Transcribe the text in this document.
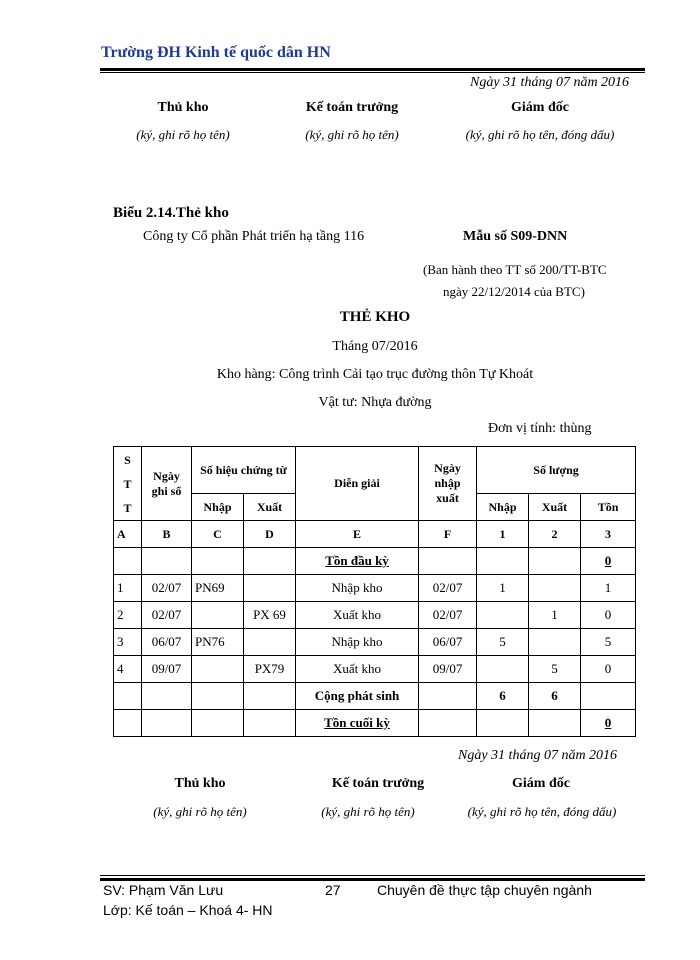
Trường ĐH Kinh tế quốc dân HN
Ngày 31 tháng 07 năm 2016
Thủ kho	Kế toán trưởng	Giám đốc
(ký, ghi rõ họ tên)	(ký, ghi rõ họ tên)	(ký, ghi rõ họ tên, đóng dấu)
Biểu 2.14.Thẻ kho
Công ty Cổ phần Phát triển hạ tầng 116	Mẫu số S09-DNN
(Ban hành theo TT số 200/TT-BTC
ngày 22/12/2014 của BTC)
THẺ KHO
Tháng 07/2016
Kho hàng: Công trình Cải tạo trục đường thôn Tự Khoát
Vật tư: Nhựa đường
Đơn vị tính: thùng
S
T
T	Ngày ghi sổ	Số hiệu chứng từ		Diễn giải	Ngày nhập xuất	Số lượng		
		Nhập	Xuất			Nhập	Xuất	Tồn
A	B	C	D	E	F	1	2	3
				Tồn đầu kỳ				0
1	02/07	PN69		Nhập kho	02/07	1		1
2	02/07		PX 69	Xuất kho	02/07		1	0
3	06/07	PN76		Nhập kho	06/07	5		5
4	09/07		PX79	Xuất kho	09/07		5	0
				Cộng phát sinh		6	6	
				Tồn cuối kỳ				0
Ngày 31 tháng 07 năm 2016
Thủ kho	Kế toán trưởng	Giám đốc
(ký, ghi rõ họ tên)	(ký, ghi rõ họ tên)	(ký, ghi rõ họ tên, đóng dấu)
SV: Phạm Văn Lưu	27	Chuyên đề thực tập chuyên ngành
Lớp: Kế toán – Khoá 4- HN
